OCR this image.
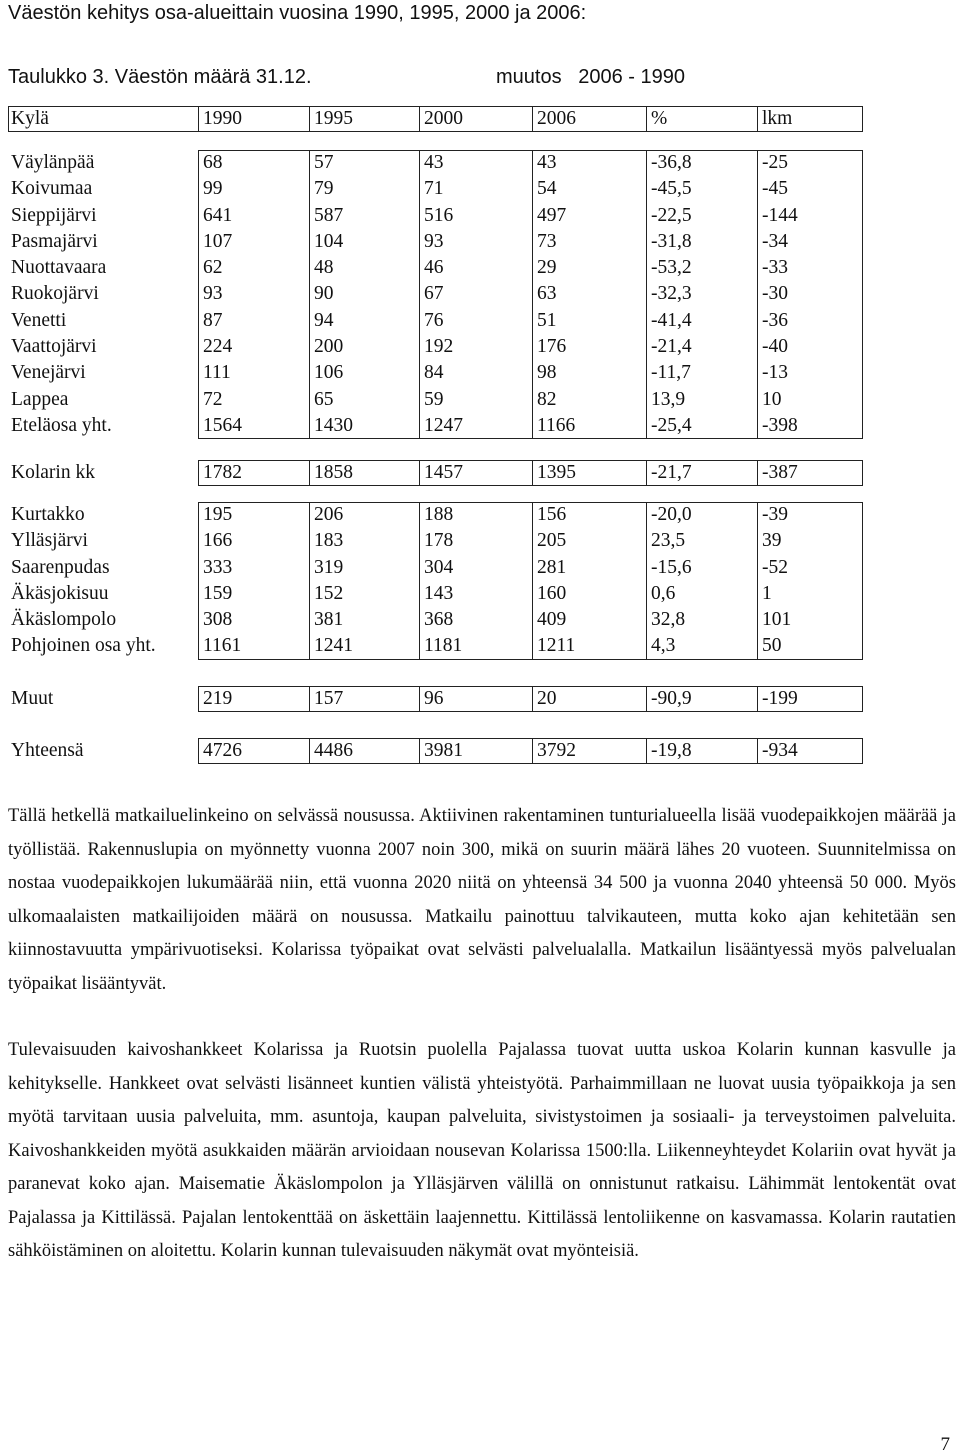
Väestön kehitys osa-alueittain vuosina 1990, 1995, 2000 ja 2006:
Taulukko 3. Väestön määrä 31.12.	muutos   2006 - 1990
Kylä	1990	1995	2000	2006	%	lkm
Väylänpää	68	57	43	43	-36,8	-25
Koivumaa	99	79	71	54	-45,5	-45
Sieppijärvi	641	587	516	497	-22,5	-144
Pasmajärvi	107	104	93	73	-31,8	-34
Nuottavaara	62	48	46	29	-53,2	-33
Ruokojärvi	93	90	67	63	-32,3	-30
Venetti	87	94	76	51	-41,4	-36
Vaattojärvi	224	200	192	176	-21,4	-40
Venejärvi	111	106	84	98	-11,7	-13
Lappea	72	65	59	82	13,9	10
Eteläosa yht.	1564	1430	1247	1166	-25,4	-398
Kolarin kk	1782	1858	1457	1395	-21,7	-387
Kurtakko	195	206	188	156	-20,0	-39
Ylläsjärvi	166	183	178	205	23,5	39
Saarenpudas	333	319	304	281	-15,6	-52
Äkäsjokisuu	159	152	143	160	0,6	1
Äkäslompolo	308	381	368	409	32,8	101
Pohjoinen osa yht.	1161	1241	1181	1211	4,3	50
Muut	219	157	96	20	-90,9	-199
Yhteensä	4726	4486	3981	3792	-19,8	-934

Tällä hetkellä matkailuelinkeino on selvässä nousussa. Aktiivinen rakentaminen tunturialueella lisää vuodepaikkojen määrää ja työllistää. Rakennuslupia on myönnetty vuonna 2007 noin 300, mikä on suurin määrä lähes 20 vuoteen. Suunnitelmissa on nostaa vuodepaikkojen lukumäärää niin, että vuonna 2020 niitä on yhteensä 34 500 ja vuonna 2040 yhteensä 50 000. Myös ulkomaalaisten matkailijoiden määrä on nousussa. Matkailu painottuu talvikauteen, mutta koko ajan kehitetään sen kiinnostavuutta ympärivuotiseksi. Kolarissa työpaikat ovat selvästi palvelualalla. Matkailun lisääntyessä myös palvelualan työpaikat lisääntyvät.

Tulevaisuuden kaivoshankkeet Kolarissa ja Ruotsin puolella Pajalassa tuovat uutta uskoa Kolarin kunnan kasvulle ja kehitykselle. Hankkeet ovat selvästi lisänneet kuntien välistä yhteistyötä. Parhaimmillaan ne luovat uusia työpaikkoja ja sen myötä tarvitaan uusia palveluita, mm. asuntoja, kaupan palveluita, sivistystoimen ja sosiaali- ja terveystoimen palveluita. Kaivoshankkeiden myötä asukkaiden määrän arvioidaan nousevan Kolarissa 1500:lla. Liikenneyhteydet Kolariin ovat hyvät ja paranevat koko ajan. Maisematie Äkäslompolon ja Ylläsjärven välillä on onnistunut ratkaisu. Lähimmät lentokentät ovat Pajalassa ja Kittilässä. Pajalan lentokenttää on äskettäin laajennettu. Kittilässä lentoliikenne on kasvamassa. Kolarin rautatien sähköistäminen on aloitettu. Kolarin kunnan tulevaisuuden näkymät ovat myönteisiä.

7
